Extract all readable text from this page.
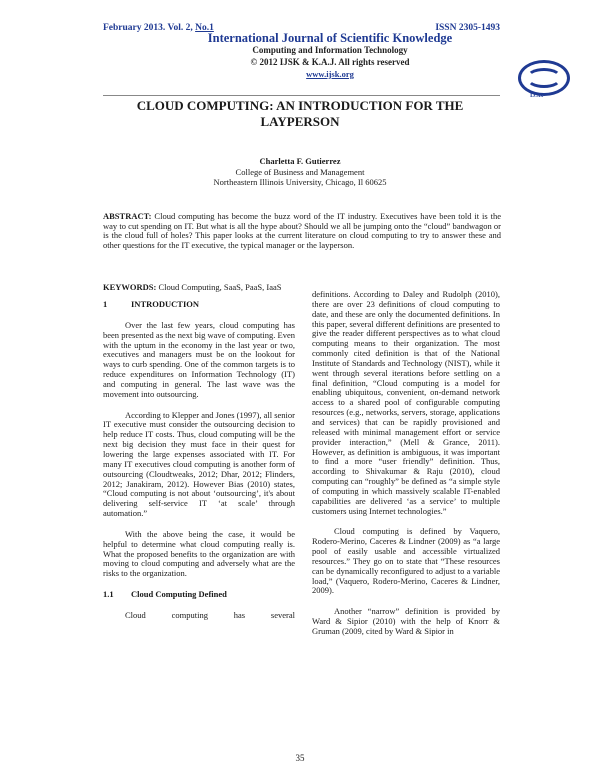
February 2013. Vol. 2, No.1	ISSN 2305-1493
International Journal of Scientific Knowledge
Computing and Information Technology
© 2012 IJSK & K.A.J. All rights reserved
www.ijsk.org
IJSK
CLOUD COMPUTING: AN INTRODUCTION FOR THE LAYPERSON
Charletta F. Gutierrez
College of Business and Management
Northeastern Illinois University, Chicago, Il 60625
ABSTRACT: Cloud computing has become the buzz word of the IT industry. Executives have been told it is the way to cut spending on IT. But what is all the hype about? Should we all be jumping onto the “cloud” bandwagon or is the cloud full of holes? This paper looks at the current literature on cloud computing to try to answer these and other questions for the IT executive, the typical manager or the layperson.
KEYWORDS: Cloud Computing, SaaS, PaaS, IaaS

1	INTRODUCTION

Over the last few years, cloud computing has been presented as the next big wave of computing. Even with the uptum in the economy in the last year or two, executives and managers must be on the lookout for ways to curb spending. One of the common targets is to reduce expenditures on Information Technology (IT) and computing in general. The last wave was the movement into outsourcing.

According to Klepper and Jones (1997), all senior IT executive must consider the outsourcing decision to help reduce IT costs. Thus, cloud computing will be the next big decision they must face in their quest for lowering the large expenses associated with IT. For many IT executives cloud computing is another form of outsourcing (Cloudtweaks, 2012; Dhar, 2012; Flinders, 2012; Janakiram, 2012). However Bias (2010) states, “Cloud computing is not about ‘outsourcing’, it's about delivering self-service IT ‘at scale’ through automation.”

With the above being the case, it would be helpful to determine what cloud computing really is. What the proposed benefits to the organization are with moving to cloud computing and adversely what are the risks to the organization.

1.1 Cloud Computing Defined

Cloud computing has several

definitions. According to Daley and Rudolph (2010), there are over 23 definitions of cloud computing to date, and these are only the documented definitions. In this paper, several different definitions are presented to give the reader different perspectives as to what cloud computing means to their organization. The most commonly cited definition is that of the National Institute of Standards and Technology (NIST), while it went through several iterations before settling on a final definition, “Cloud computing is a model for enabling ubiquitous, convenient, on-demand network access to a shared pool of configurable computing resources (e.g., networks, servers, storage, applications and services) that can be rapidly provisioned and released with minimal management effort or service provider interaction,” (Mell & Grance, 2011). However, as definition is ambiguous, it was important to find a more “user friendly” definition. Thus, according to Shivakumar & Raju (2010), cloud computing can “roughly” be defined as “a simple style of computing in which massively scalable IT-enabled capabilities are delivered ‘as a service’ to multiple customers using Internet technologies.”

Cloud computing is defined by Vaquero, Rodero-Merino, Caceres & Lindner (2009) as “a large pool of easily usable and accessible virtualized resources.” They go on to state that “These resources can be dynamically reconfigured to adjust to a variable load,” (Vaquero, Rodero-Merino, Caceres & Lindner, 2009).

Another “narrow” definition is provided by Ward & Sipior (2010) with the help of Knorr & Gruman (2009, cited by Ward & Sipior in

35
